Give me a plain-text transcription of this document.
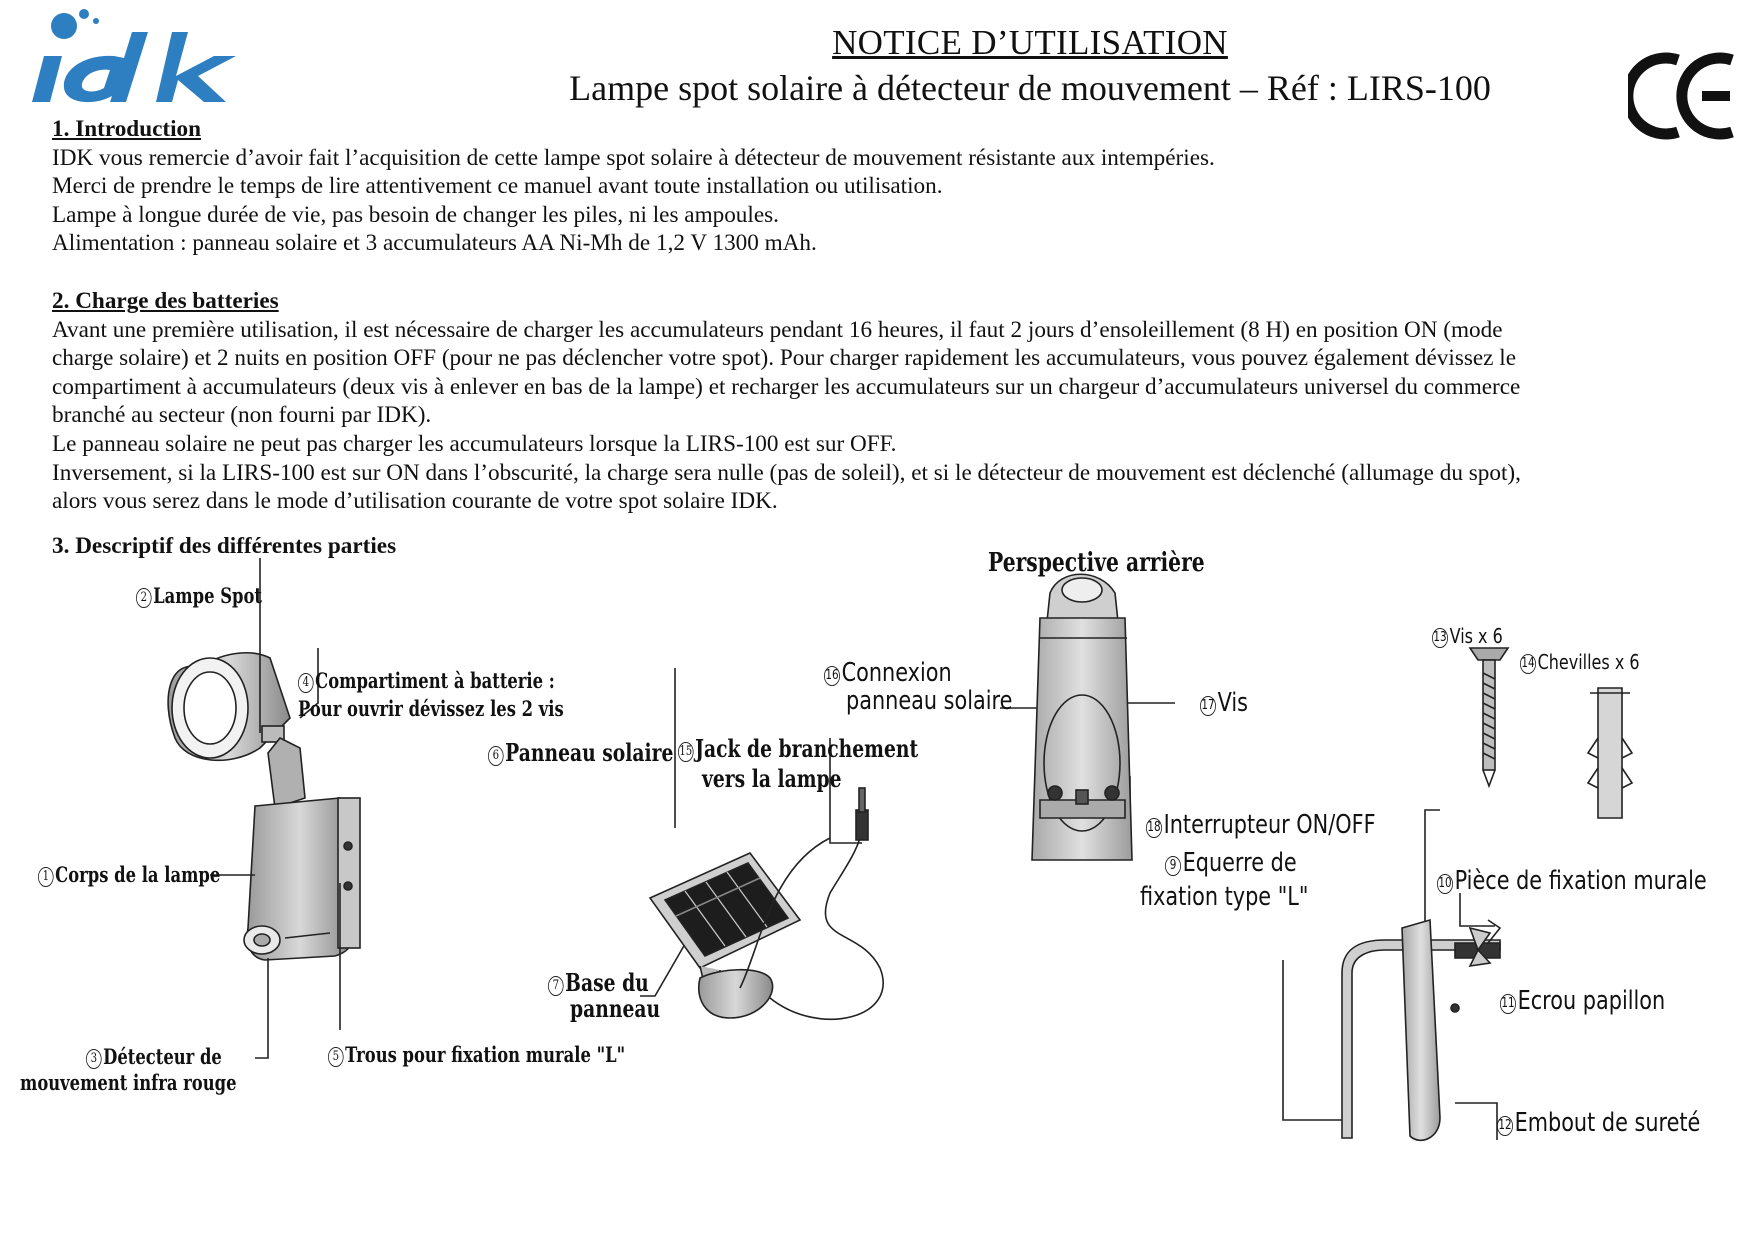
NOTICE D’UTILISATION
Lampe spot solaire à détecteur de mouvement – Réf : LIRS-100
1. Introduction

IDK vous remercie d’avoir fait l’acquisition de cette lampe spot solaire à détecteur de mouvement résistante aux intempéries.

Merci de prendre le temps de lire attentivement ce manuel avant toute installation ou utilisation.

Lampe à longue durée de vie, pas besoin de changer les piles, ni les ampoules.

Alimentation : panneau solaire et 3 accumulateurs AA Ni-Mh de 1,2 V 1300 mAh.

2. Charge des batteries

Avant une première utilisation, il est nécessaire de charger les accumulateurs pendant 16 heures, il faut 2 jours d’ensoleillement (8 H) en position ON (mode

charge solaire) et 2 nuits en position OFF (pour ne pas déclencher votre spot). Pour charger rapidement les accumulateurs, vous pouvez également dévissez le

compartiment à accumulateurs (deux vis à enlever en bas de la lampe) et recharger les accumulateurs sur un chargeur d’accumulateurs universel du commerce

branché au secteur (non fourni par IDK).

Le panneau solaire ne peut pas charger les accumulateurs lorsque la LIRS-100 est sur OFF.

Inversement, si la LIRS-100 est sur ON dans l’obscurité, la charge sera nulle (pas de soleil), et si le détecteur de mouvement est déclenché (allumage du spot),

alors vous serez dans le mode d’utilisation courante de votre spot solaire IDK.

3. Descriptif des différentes parties
Perspective arrière
2 Lampe Spot
4 Compartiment à batterie :
Pour ouvrir dévissez les 2 vis
1 Corps de la lampe
3 Détecteur de
mouvement infra rouge
5 Trous pour fixation murale "L"
6 Panneau solaire
7 Base du
panneau
15 Jack de branchement
vers la lampe
16 Connexion
panneau solaire	17 Vis
18 Interrupteur ON/OFF
9 Equerre de
fixation type "L"	10 Pièce de fixation murale
11 Ecrou papillon
12 Embout de sureté
13 Vis x 6
14 Chevilles x 6
